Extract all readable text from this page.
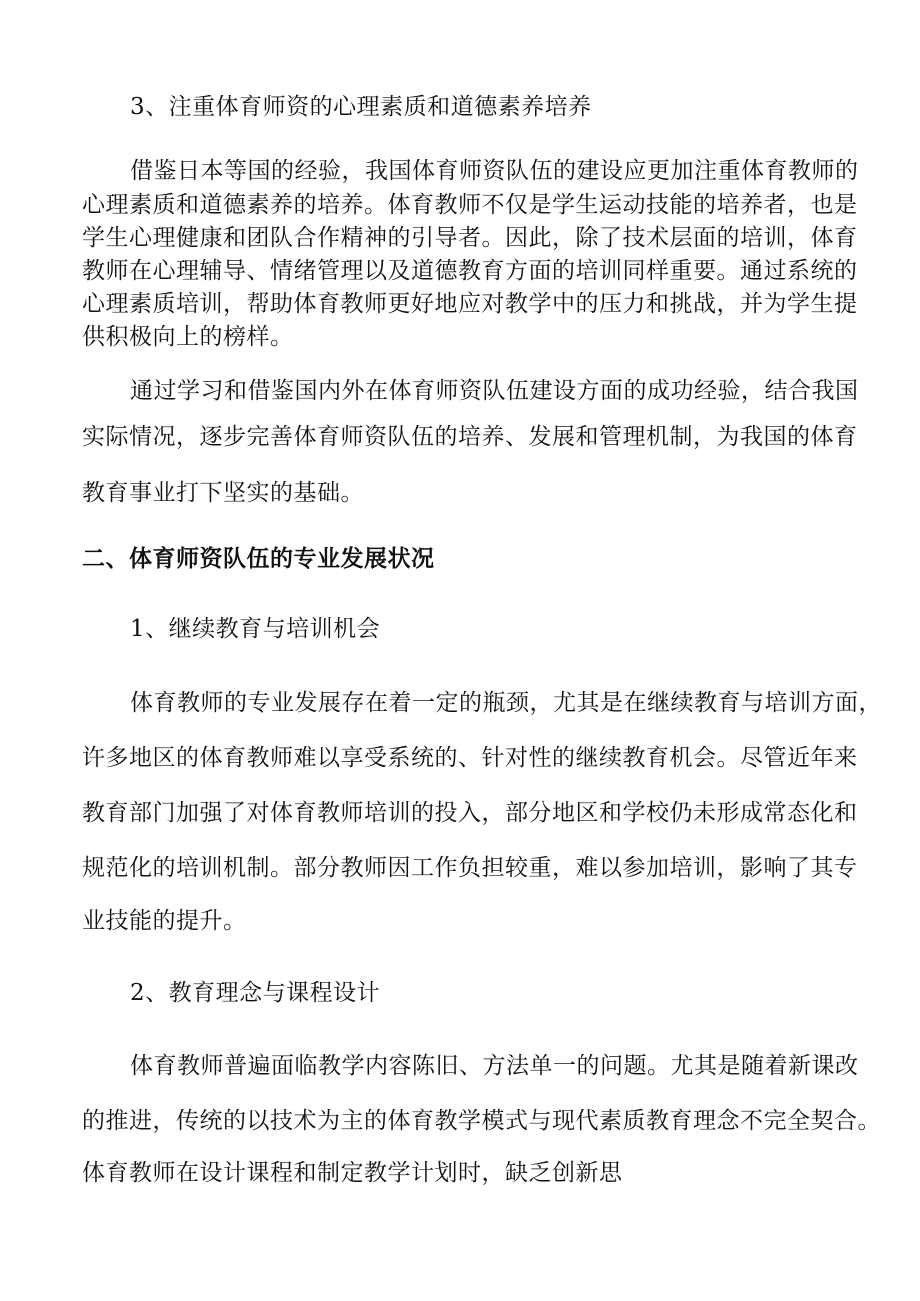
3、注重体育师资的心理素质和道德素养培养
借鉴日本等国的经验，我国体育师资队伍的建设应更加注重体育教师的
心理素质和道德素养的培养。体育教师不仅是学生运动技能的培养者，也是
学生心理健康和团队合作精神的引导者。因此，除了技术层面的培训，体育
教师在心理辅导、情绪管理以及道德教育方面的培训同样重要。通过系统的
心理素质培训，帮助体育教师更好地应对教学中的压力和挑战，并为学生提
供积极向上的榜样。
通过学习和借鉴国内外在体育师资队伍建设方面的成功经验，结合我国
实际情况，逐步完善体育师资队伍的培养、发展和管理机制，为我国的体育
教育事业打下坚实的基础。
二、体育师资队伍的专业发展状况
1、继续教育与培训机会
体育教师的专业发展存在着一定的瓶颈，尤其是在继续教育与培训方面，
许多地区的体育教师难以享受系统的、针对性的继续教育机会。尽管近年来
教育部门加强了对体育教师培训的投入，部分地区和学校仍未形成常态化和
规范化的培训机制。部分教师因工作负担较重，难以参加培训，影响了其专
业技能的提升。
2、教育理念与课程设计
体育教师普遍面临教学内容陈旧、方法单一的问题。尤其是随着新课改
的推进，传统的以技术为主的体育教学模式与现代素质教育理念不完全契合。
体育教师在设计课程和制定教学计划时，缺乏创新思
